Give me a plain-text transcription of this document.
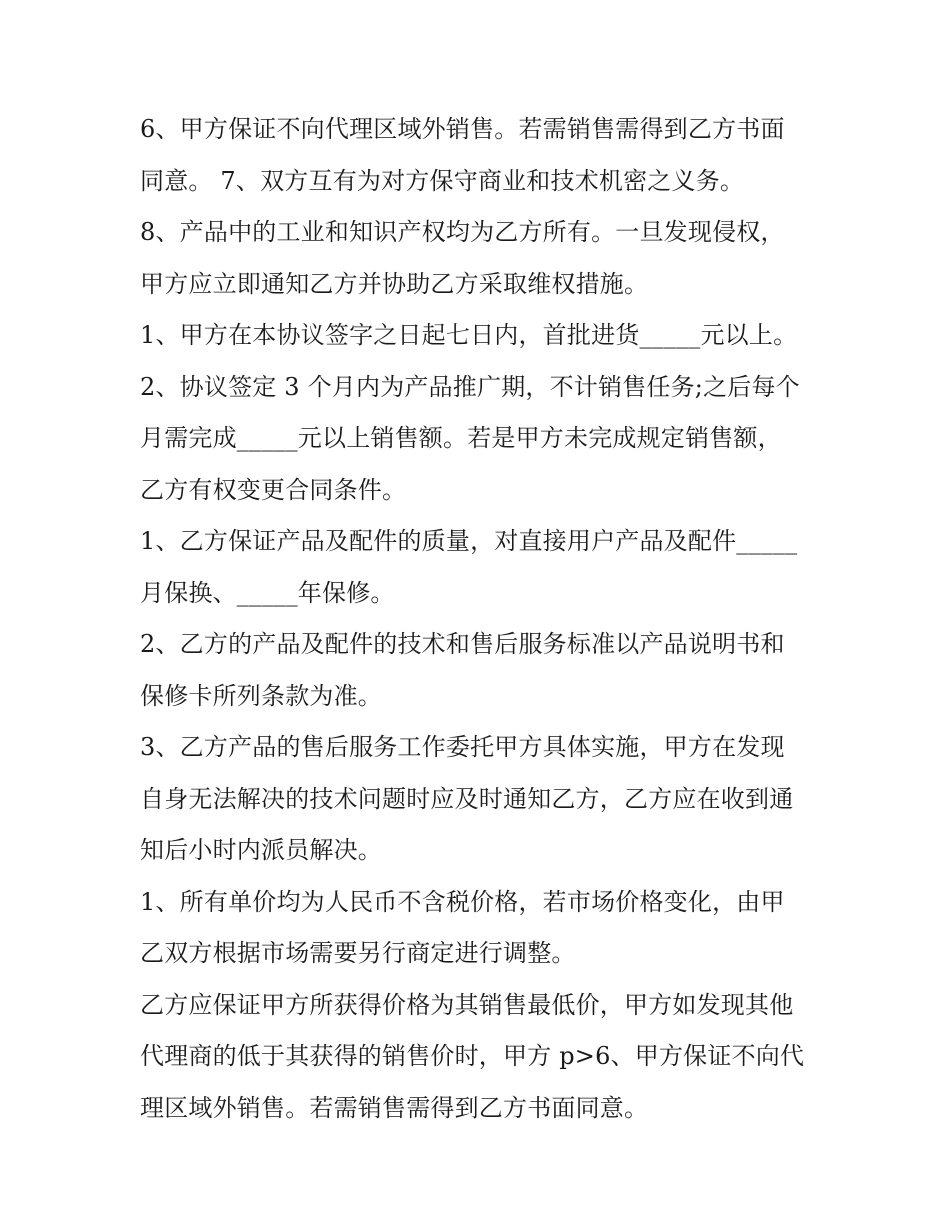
6、甲方保证不向代理区域外销售。若需销售需得到乙方书面
同意。 7、双方互有为对方保守商业和技术机密之义务。
8、产品中的工业和知识产权均为乙方所有。一旦发现侵权，
甲方应立即通知乙方并协助乙方采取维权措施。
1、甲方在本协议签字之日起七日内，首批进货_____元以上。
2、协议签定 3 个月内为产品推广期，不计销售任务;之后每个
月需完成_____元以上销售额。若是甲方未完成规定销售额，
乙方有权变更合同条件。
1、乙方保证产品及配件的质量，对直接用户产品及配件_____
月保换、_____年保修。
2、乙方的产品及配件的技术和售后服务标准以产品说明书和
保修卡所列条款为准。
3、乙方产品的售后服务工作委托甲方具体实施，甲方在发现
自身无法解决的技术问题时应及时通知乙方，乙方应在收到通
知后小时内派员解决。
1、所有单价均为人民币不含税价格，若市场价格变化，由甲
乙双方根据市场需要另行商定进行调整。
乙方应保证甲方所获得价格为其销售最低价，甲方如发现其他
代理商的低于其获得的销售价时，甲方 p>6、甲方保证不向代
理区域外销售。若需销售需得到乙方书面同意。
